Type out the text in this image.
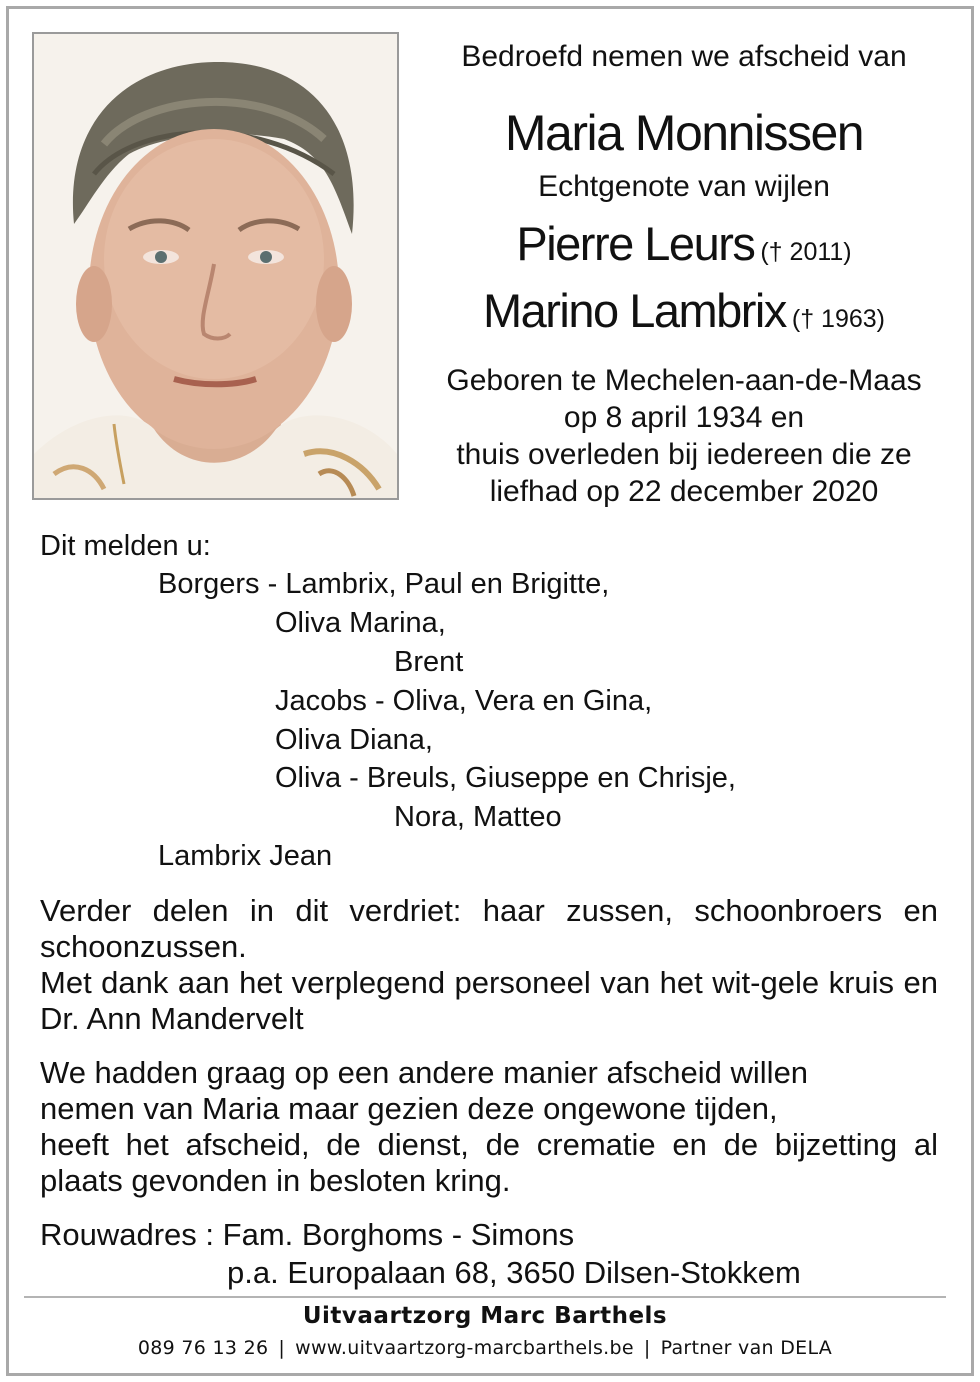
Bedroefd nemen we afscheid van
Maria Monnissen
Echtgenote van wijlen
Pierre Leurs († 2011)
Marino Lambrix († 1963)
Geboren te Mechelen-aan-de-Maas
op 8 april 1934 en
thuis overleden bij iedereen die ze
liefhad op 22 december 2020
Dit melden u:
Borgers - Lambrix, Paul en Brigitte,
Oliva Marina,
Brent
Jacobs - Oliva, Vera en Gina,
Oliva Diana,
Oliva - Breuls, Giuseppe en Chrisje,
Nora, Matteo
Lambrix Jean
Verder delen in dit verdriet: haar zussen, schoonbroers en schoonzussen.
Met dank aan het verplegend personeel van het wit-gele kruis en Dr. Ann Mandervelt
We hadden graag op een andere manier afscheid willen
nemen van Maria maar gezien deze ongewone tijden,
heeft het afscheid, de dienst, de crematie en de bijzetting al plaats gevonden in besloten kring.
Rouwadres : Fam. Borghoms - Simons
p.a. Europalaan 68, 3650 Dilsen-Stokkem
Uitvaartzorg Marc Barthels
089 76 13 26 | www.uitvaartzorg-marcbarthels.be | Partner van DELA
